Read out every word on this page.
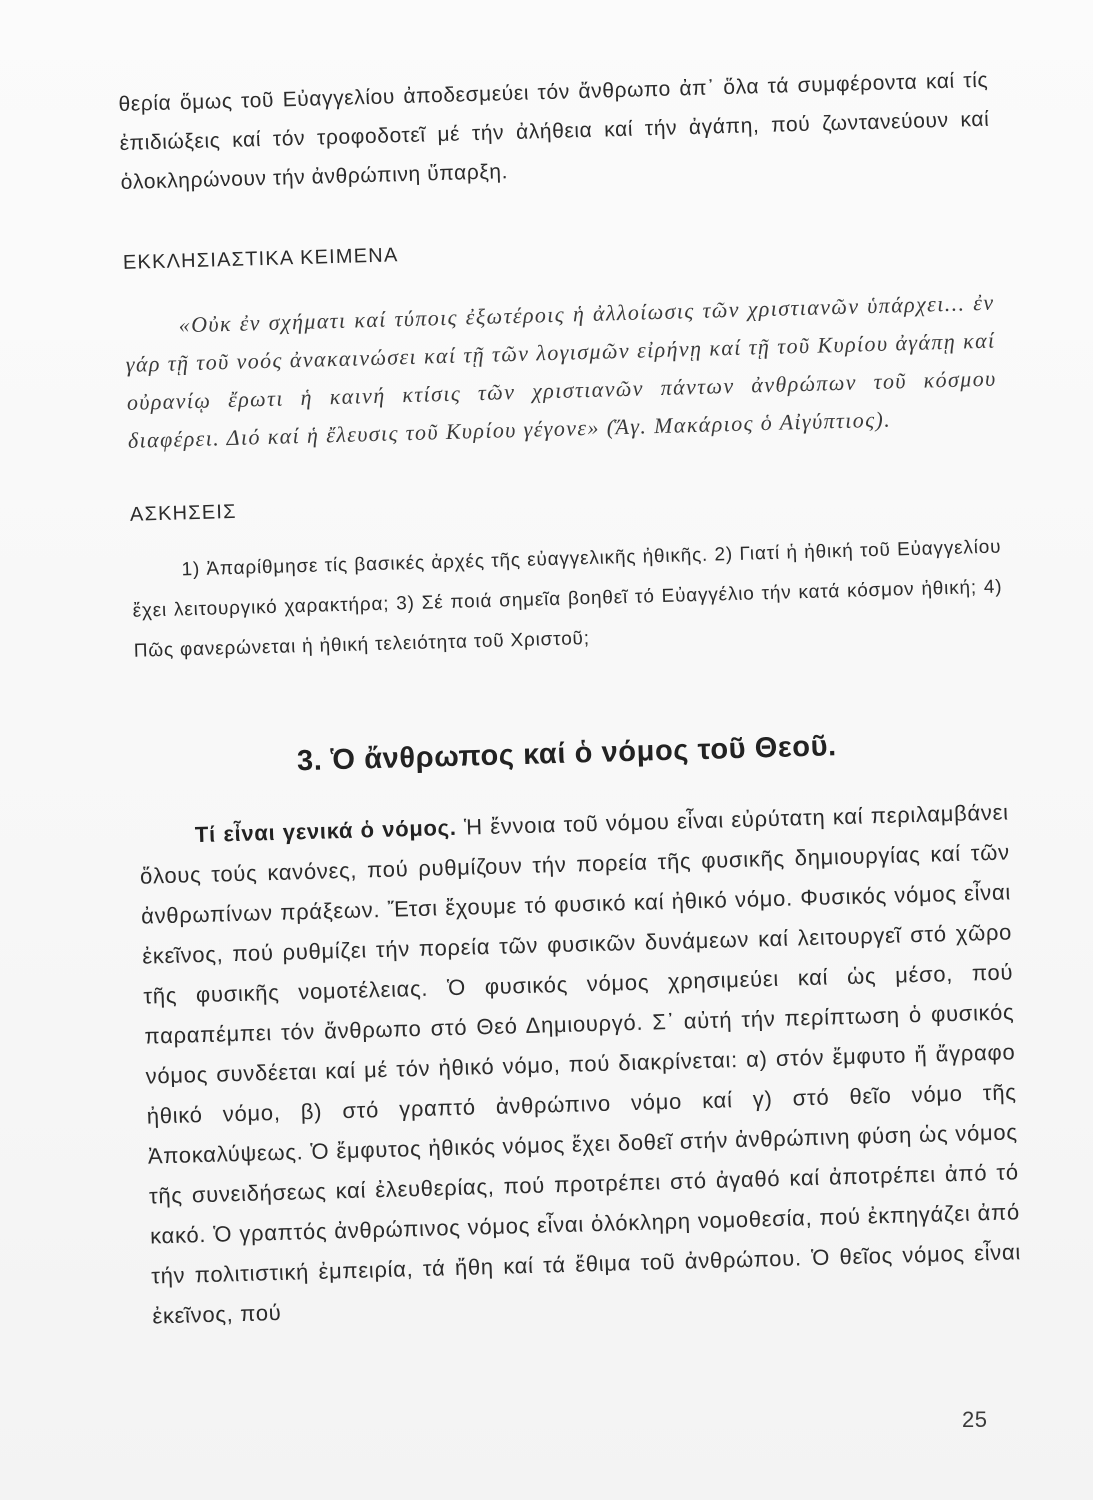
θερία ὅμως τοῦ Εὐαγγελίου ἀποδεσμεύει τόν ἄνθρωπο ἀπ᾿ ὅλα τά συμφέροντα καί τίς ἐπιδιώξεις καί τόν τροφοδοτεῖ μέ τήν ἀλήθεια καί τήν ἀγάπη, πού ζωντανεύουν καί ὁλοκληρώνουν τήν ἀνθρώπινη ὕπαρξη.

ΕΚΚΛΗΣΙΑΣΤΙΚΑ ΚΕΙΜΕΝΑ

«Οὐκ ἐν σχήματι καί τύποις ἐξωτέροις ἡ ἀλλοίωσις τῶν χριστιανῶν ὑπάρχει... ἐν γάρ τῇ τοῦ νοός ἀνακαινώσει καί τῇ τῶν λογισμῶν εἰρήνῃ καί τῇ τοῦ Κυρίου ἀγάπῃ καί οὐρανίῳ ἔρωτι ἡ καινή κτίσις τῶν χριστιανῶν πάντων ἀνθρώπων τοῦ κόσμου διαφέρει. Διό καί ἡ ἔλευσις τοῦ Κυρίου γέγονε» (Ἅγ. Μακάριος ὁ Αἰγύπτιος).

ΑΣΚΗΣΕΙΣ

1) Ἀπαρίθμησε τίς βασικές ἀρχές τῆς εὐαγγελικῆς ἠθικῆς. 2) Γιατί ἡ ἠθική τοῦ Εὐαγγελίου ἔχει λειτουργικό χαρακτήρα; 3) Σέ ποιά σημεῖα βοηθεῖ τό Εὐαγγέλιο τήν κατά κόσμον ἠθική; 4) Πῶς φανερώνεται ἡ ἠθική τελειότητα τοῦ Χριστοῦ;

3. Ὁ ἄνθρωπος καί ὁ νόμος τοῦ Θεοῦ.

Τί εἶναι γενικά ὁ νόμος. Ἡ ἔννοια τοῦ νόμου εἶναι εὐρύτατη καί περιλαμβάνει ὅλους τούς κανόνες, πού ρυθμίζουν τήν πορεία τῆς φυσικῆς δημιουργίας καί τῶν ἀνθρωπίνων πράξεων. Ἔτσι ἔχουμε τό φυσικό καί ἠθικό νόμο. Φυσικός νόμος εἶναι ἐκεῖνος, πού ρυθμίζει τήν πορεία τῶν φυσικῶν δυνάμεων καί λειτουργεῖ στό χῶρο τῆς φυσικῆς νομοτέλειας. Ὁ φυσικός νόμος χρησιμεύει καί ὡς μέσο, πού παραπέμπει τόν ἄνθρωπο στό Θεό Δημιουργό. Σ᾿ αὐτή τήν περίπτωση ὁ φυσικός νόμος συνδέεται καί μέ τόν ἠθικό νόμο, πού διακρίνεται: α) στόν ἔμφυτο ἤ ἄγραφο ἠθικό νόμο, β) στό γραπτό ἀνθρώπινο νόμο καί γ) στό θεῖο νόμο τῆς Ἀποκαλύψεως. Ὁ ἔμφυτος ἠθικός νόμος ἔχει δοθεῖ στήν ἀνθρώπινη φύση ὡς νόμος τῆς συνειδήσεως καί ἐλευθερίας, πού προτρέπει στό ἀγαθό καί ἀποτρέπει ἀπό τό κακό. Ὁ γραπτός ἀνθρώπινος νόμος εἶναι ὁλόκληρη νομοθεσία, πού ἐκπηγάζει ἀπό τήν πολιτιστική ἐμπειρία, τά ἤθη καί τά ἔθιμα τοῦ ἀνθρώπου. Ὁ θεῖος νόμος εἶναι ἐκεῖνος, πού

25
